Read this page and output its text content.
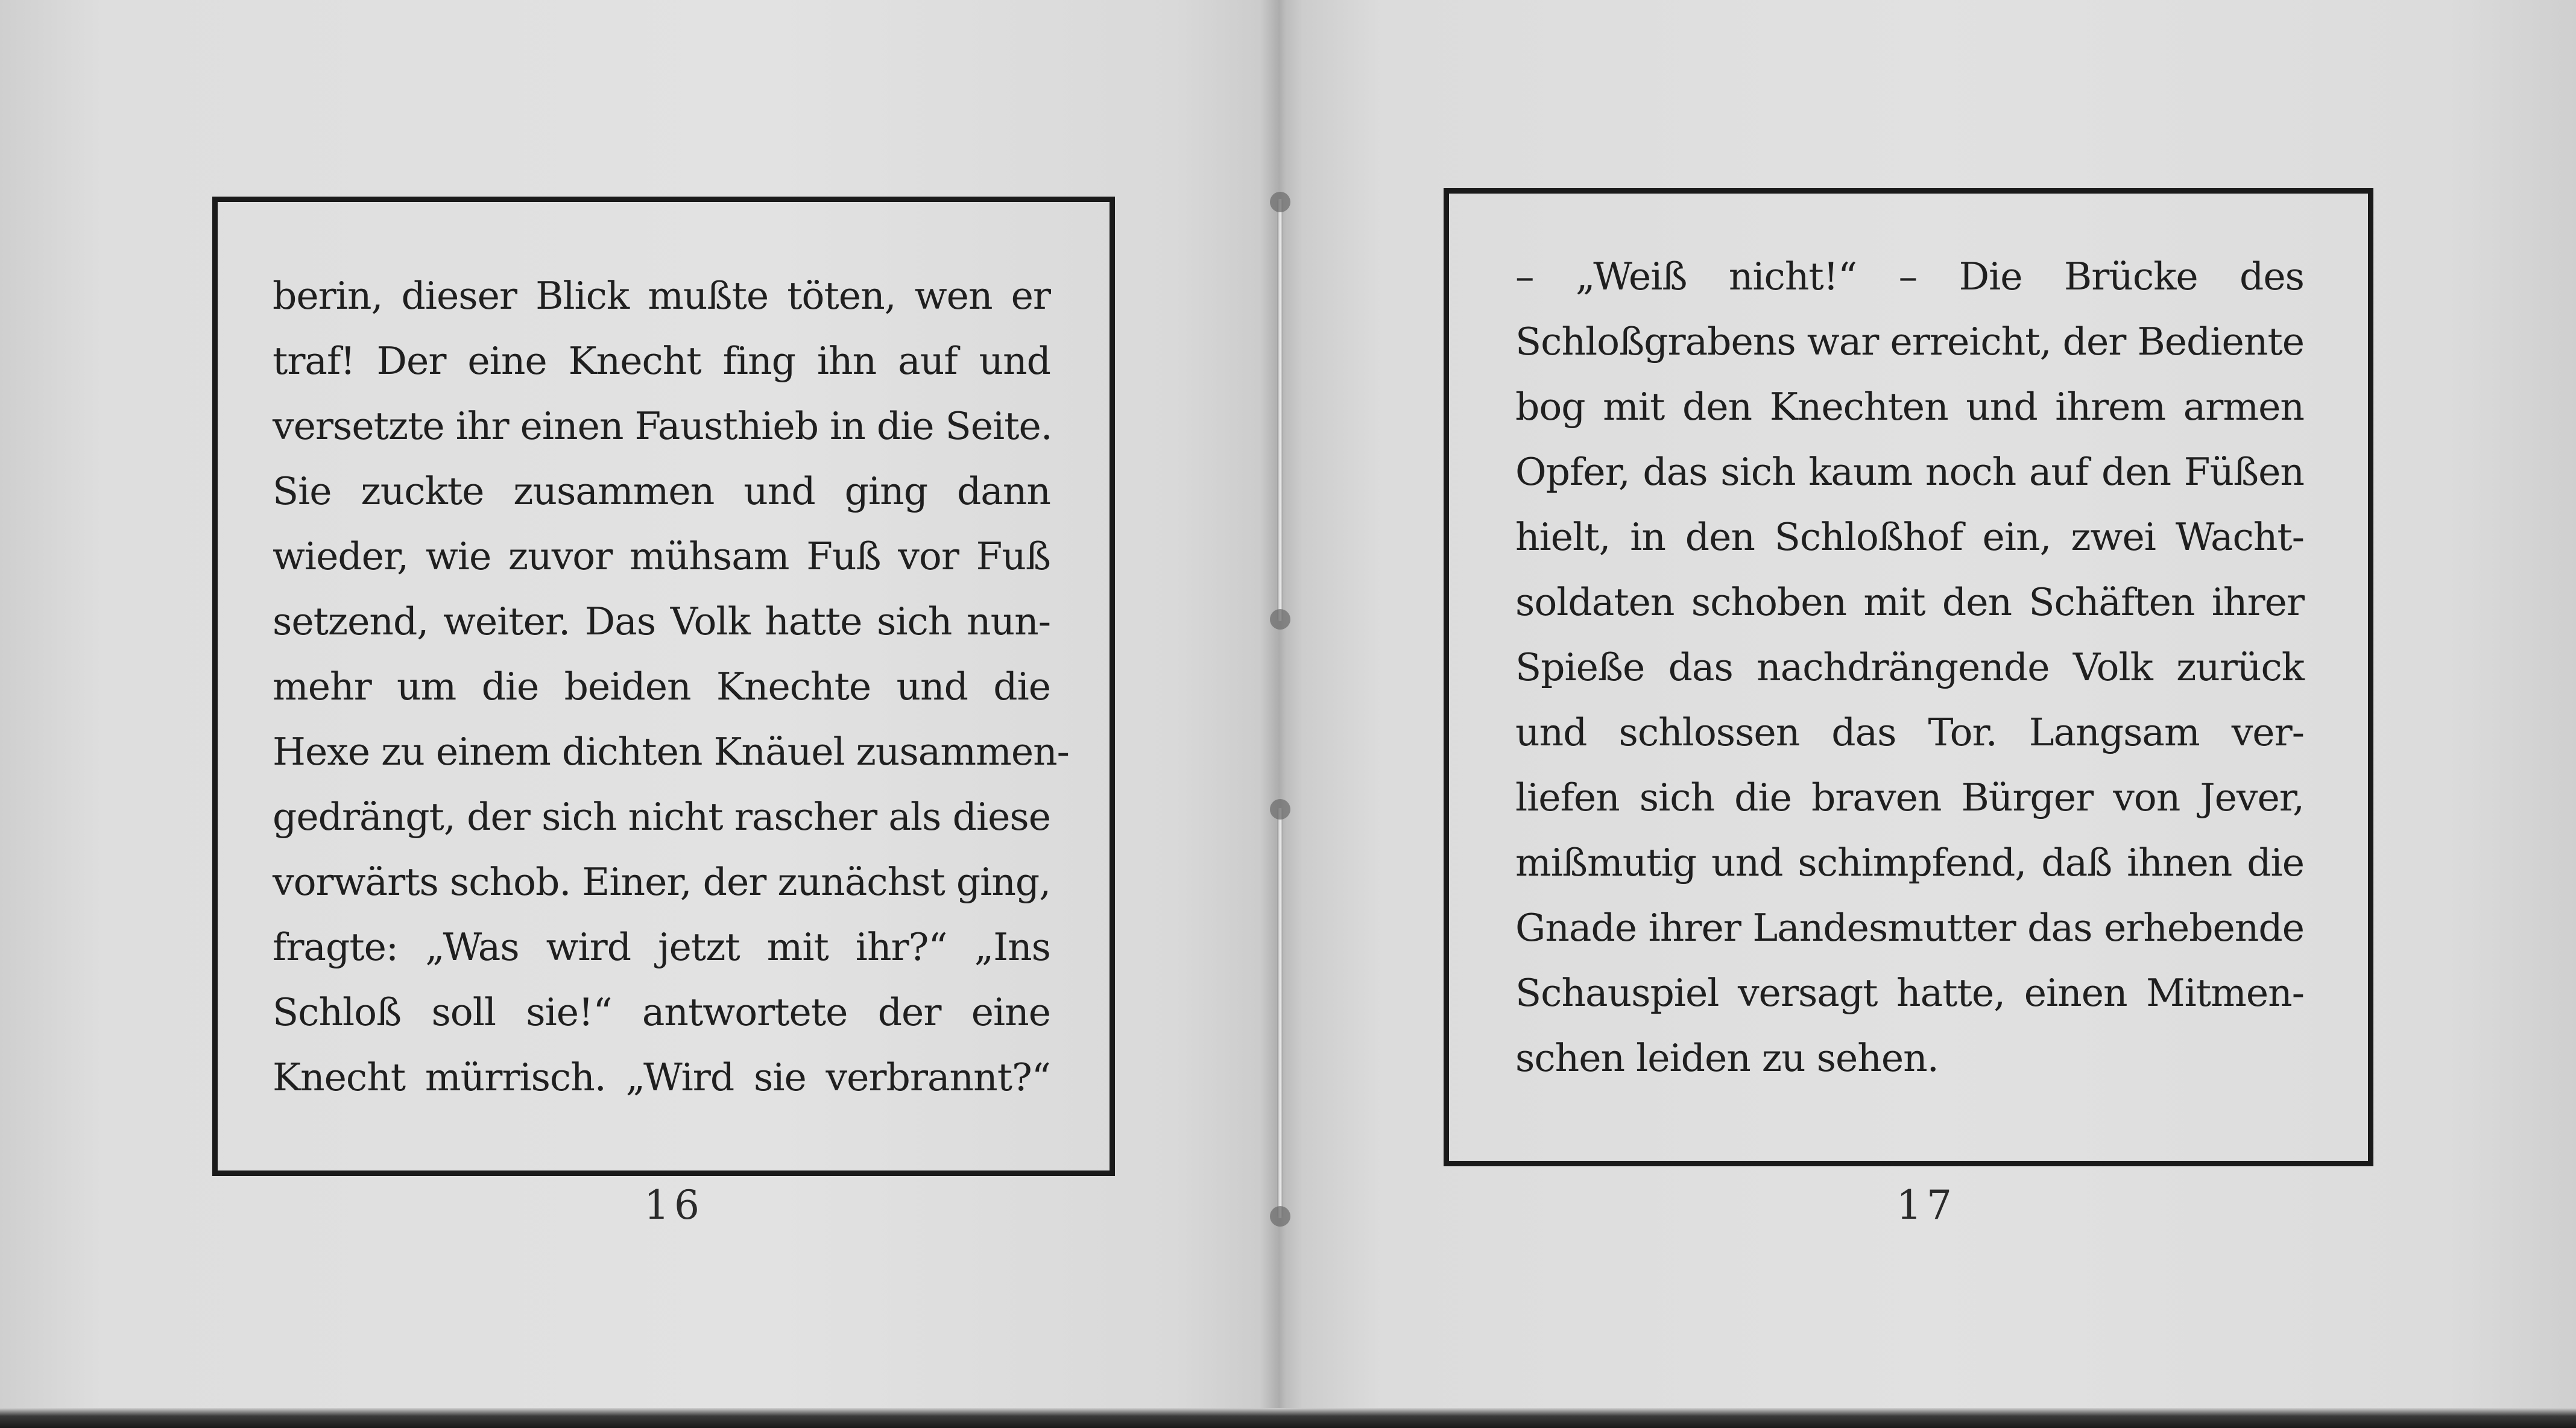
berin, dieser Blick mußte töten, wen er
traf! Der eine Knecht fing ihn auf und
versetzte ihr einen Fausthieb in die Seite.
Sie zuckte zusammen und ging dann
wieder, wie zuvor mühsam Fuß vor Fuß
setzend, weiter. Das Volk hatte sich nun-
mehr um die beiden Knechte und die
Hexe zu einem dichten Knäuel zusammen-
gedrängt, der sich nicht rascher als diese
vorwärts schob. Einer, der zunächst ging,
fragte: „Was wird jetzt mit ihr?“ „Ins
Schloß soll sie!“ antwortete der eine
Knecht mürrisch. „Wird sie verbrannt?“
– „Weiß nicht!“ – Die Brücke des
Schloßgrabens war erreicht, der Bediente
bog mit den Knechten und ihrem armen
Opfer, das sich kaum noch auf den Füßen
hielt, in den Schloßhof ein, zwei Wacht-
soldaten schoben mit den Schäften ihrer
Spieße das nachdrängende Volk zurück
und schlossen das Tor. Langsam ver-
liefen sich die braven Bürger von Jever,
mißmutig und schimpfend, daß ihnen die
Gnade ihrer Landesmutter das erhebende
Schauspiel versagt hatte, einen Mitmen-
schen leiden zu sehen.
16	17
